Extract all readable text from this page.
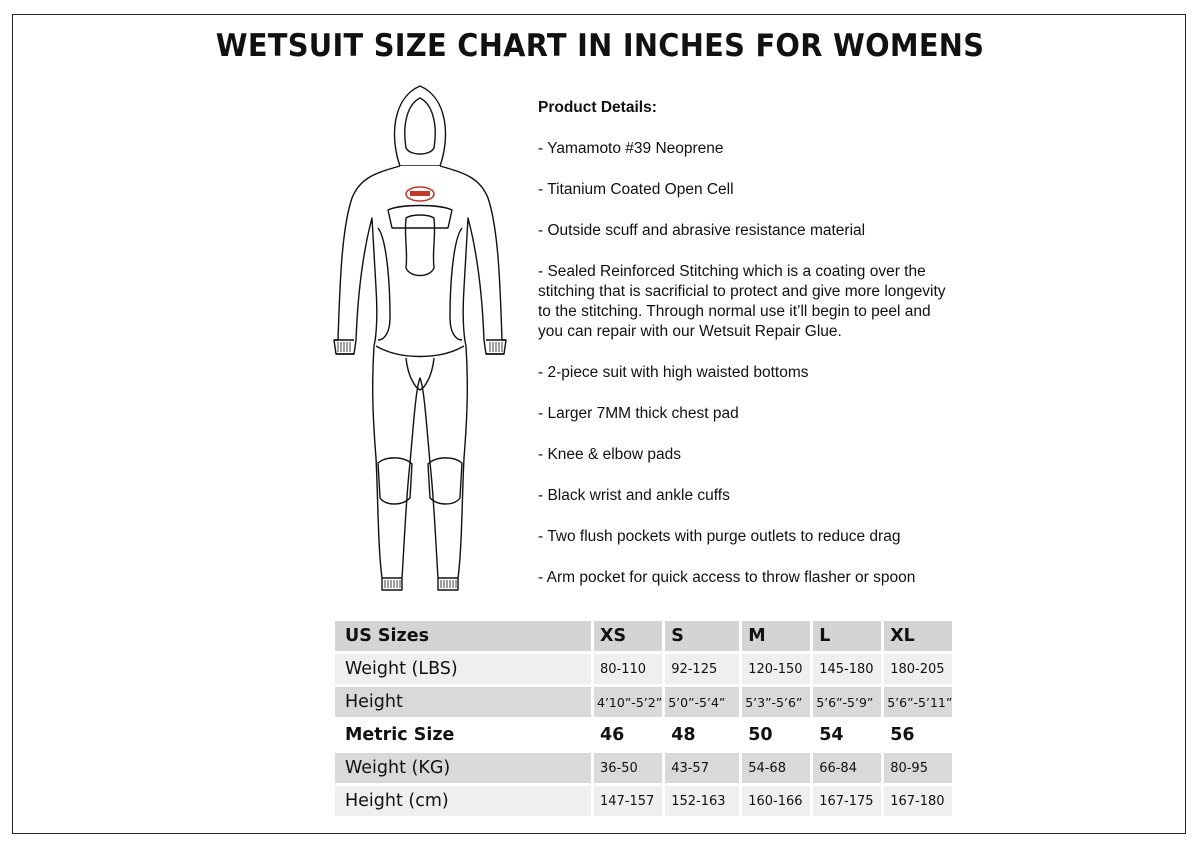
WETSUIT SIZE CHART IN INCHES FOR WOMENS
Product Details:
- Yamamoto #39 Neoprene
- Titanium Coated Open Cell
- Outside scuff and abrasive resistance material
- Sealed Reinforced Stitching which is a coating over the stitching that is sacrificial to protect and give more longevity to the stitching. Through normal use it’ll begin to peel and you can repair with our Wetsuit Repair Glue.
- 2-piece suit with high waisted bottoms
- Larger 7MM thick chest pad
- Knee & elbow pads
- Black wrist and ankle cuffs
- Two flush pockets with purge outlets to reduce drag
- Arm pocket for quick access to throw flasher or spoon
US Sizes	XS	S	M	L	XL
Weight (LBS)	80-110	92-125	120-150	145-180	180-205
Height	4’10”-5’2”	5’0”-5’4”	5’3”-5’6”	5’6”-5’9”	5’6”-5’11”
Metric Size	46	48	50	54	56
Weight (KG)	36-50	43-57	54-68	66-84	80-95
Height (cm)	147-157	152-163	160-166	167-175	167-180
